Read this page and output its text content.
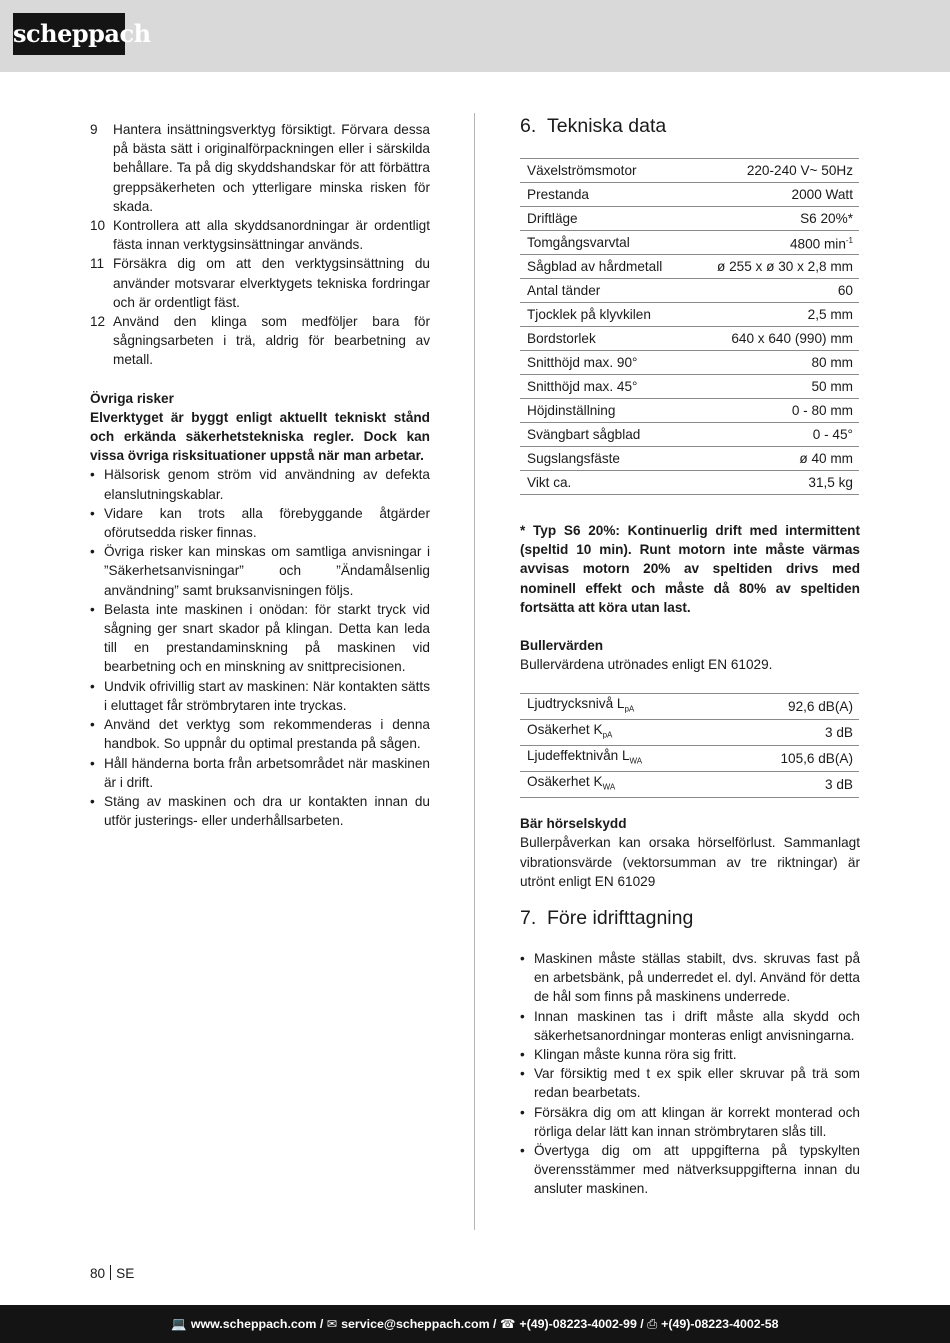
scheppach
9 Hantera insättningsverktyg försiktigt. Förvara dessa på bästa sätt i originalförpackningen eller i särskilda behållare. Ta på dig skyddshandskar för att förbättra greppsäkerheten och ytterligare minska risken för skada.
10 Kontrollera att alla skyddsanordningar är ordentligt fästa innan verktygsinsättningar används.
11 Försäkra dig om att den verktygsinsättning du använder motsvarar elverktygets tekniska fordringar och är ordentligt fäst.
12 Använd den klinga som medföljer bara för sågningsarbeten i trä, aldrig för bearbetning av metall.
Övriga risker
Elverktyget är byggt enligt aktuellt tekniskt stånd och erkända säkerhetstekniska regler. Dock kan vissa övriga risksituationer uppstå när man arbetar.
• Hälsorisk genom ström vid användning av defekta elanslutningskablar.
• Vidare kan trots alla förebyggande åtgärder oförutsedda risker finnas.
• Övriga risker kan minskas om samtliga anvisningar i ”Säkerhetsanvisningar” och ”Ändamålsenlig användning” samt bruksanvisningen följs.
• Belasta inte maskinen i onödan: för starkt tryck vid sågning ger snart skador på klingan. Detta kan leda till en prestandaminskning på maskinen vid bearbetning och en minskning av snittprecisionen.
• Undvik ofrivillig start av maskinen: När kontakten sätts i eluttaget får strömbrytaren inte tryckas.
• Använd det verktyg som rekommenderas i denna handbok. So uppnår du optimal prestanda på sågen.
• Håll händerna borta från arbetsområdet när maskinen är i drift.
• Stäng av maskinen och dra ur kontakten innan du utför justerings- eller underhållsarbeten.
6. Tekniska data
Växelströmsmotor	220-240 V~ 50Hz
Prestanda	2000 Watt
Driftläge	S6 20%*
Tomgångsvarvtal	4800 $\min^{-1}$
Sågblad av hårdmetall	ø 255 x ø 30 x 2,8 mm
Antal tänder	60
Tjocklek på klyvkilen	2,5 mm
Bordstorlek	640 x 640 (990) mm
Snitthöjd max. 90°	80 mm
Snitthöjd max. 45°	50 mm
Höjdinställning	0 - 80 mm
Svängbart sågblad	0 - 45°
Sugslangsfäste	ø 40 mm
Vikt ca.	31,5 kg
* Typ S6 20%: Kontinuerlig drift med intermittent (speltid 10 min). Runt motorn inte måste värmas avvisas motorn 20% av speltiden drivs med nominell effekt och måste då 80% av speltiden fortsätta att köra utan last.
Bullervärden
Bullervärdena utrönades enligt EN 61029.
Ljudtrycksnivå $L_{pA}$	92,6 dB(A)
Osäkerhet $K_{pA}$	3 dB
Ljudeffektnivån $L_{WA}$	105,6 dB(A)
Osäkerhet $K_{WA}$	3 dB
Bär hörselskydd
Bullerpåverkan kan orsaka hörselförlust. Sammanlagt vibrationsvärde (vektorsumman av tre riktningar) är utrönt enligt EN 61029
7. Före idrifttagning
• Maskinen måste ställas stabilt, dvs. skruvas fast på en arbetsbänk, på underredet el. dyl. Använd för detta de hål som finns på maskinens underrede.
• Innan maskinen tas i drift måste alla skydd och säkerhetsanordningar monteras enligt anvisningarna.
• Klingan måste kunna röra sig fritt.
• Var försiktig med t ex spik eller skruvar på trä som redan bearbetats.
• Försäkra dig om att klingan är korrekt monterad och rörliga delar lätt kan innan strömbrytaren slås till.
• Övertyga dig om att uppgifterna på typskylten överensstämmer med nätverksuppgifterna innan du ansluter maskinen.
80 SE
💻 www.scheppach.com / ✉ service@scheppach.com / ☎ +(49)-08223-4002-99 / ⎙ +(49)-08223-4002-58
